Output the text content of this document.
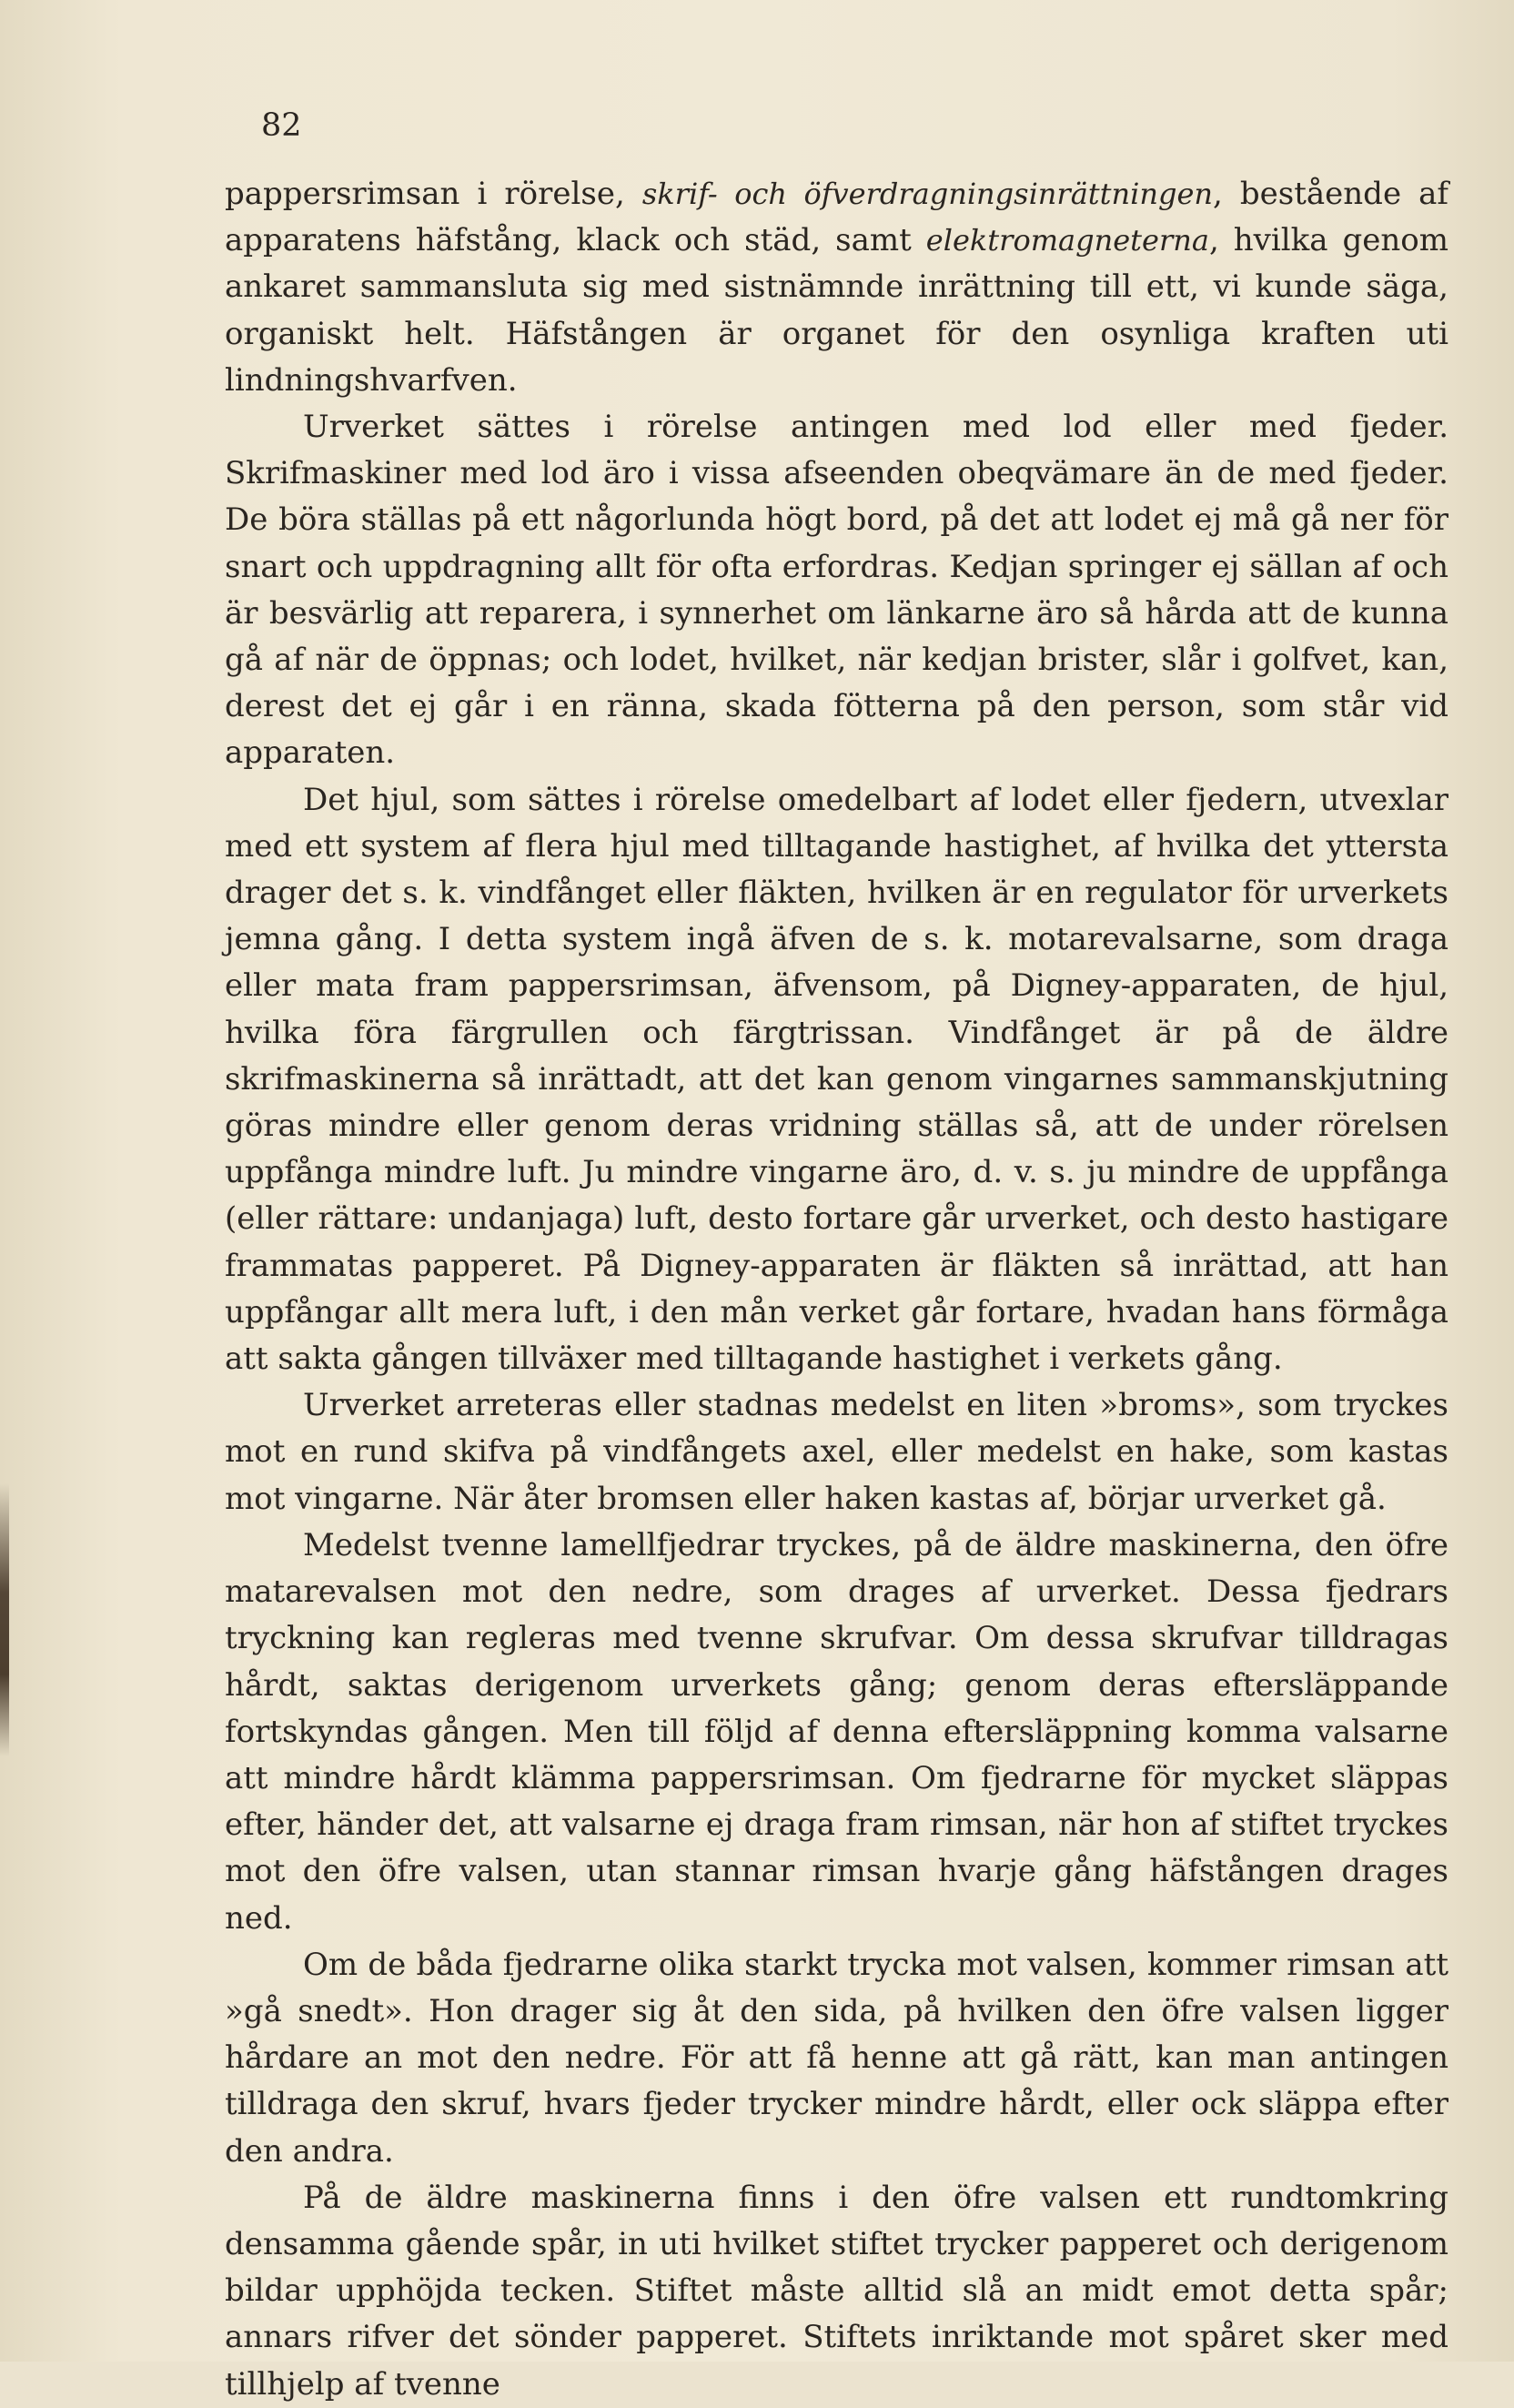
82

pappersrimsan i rörelse, skrif- och öfverdragningsinrättningen, bestående af apparatens häfstång, klack och städ, samt elektromagneterna, hvilka genom ankaret sammansluta sig med sistnämnde inrättning till ett, vi kunde säga, organiskt helt. Häfstången är organet för den osynliga kraften uti lindningshvarfven.

Urverket sättes i rörelse antingen med lod eller med fjeder. Skrifmaskiner med lod äro i vissa afseenden obeqvämare än de med fjeder. De böra ställas på ett någorlunda högt bord, på det att lodet ej må gå ner för snart och uppdragning allt för ofta erfordras. Kedjan springer ej sällan af och är besvärlig att reparera, i synnerhet om länkarne äro så hårda att de kunna gå af när de öppnas; och lodet, hvilket, när kedjan brister, slår i golfvet, kan, derest det ej går i en ränna, skada fötterna på den person, som står vid apparaten.

Det hjul, som sättes i rörelse omedelbart af lodet eller fjedern, utvexlar med ett system af flera hjul med tilltagande hastighet, af hvilka det yttersta drager det s. k. vindfånget eller fläkten, hvilken är en regulator för urverkets jemna gång. I detta system ingå äfven de s. k. motarevalsarne, som draga eller mata fram pappersrimsan, äfvensom, på Digney-apparaten, de hjul, hvilka föra färgrullen och färgtrissan. Vindfånget är på de äldre skrifmaskinerna så inrättadt, att det kan genom vingarnes sammanskjutning göras mindre eller genom deras vridning ställas så, att de under rörelsen uppfånga mindre luft. Ju mindre vingarne äro, d. v. s. ju mindre de uppfånga (eller rättare: undanjaga) luft, desto fortare går urverket, och desto hastigare frammatas papperet. På Digney-apparaten är fläkten så inrättad, att han uppfångar allt mera luft, i den mån verket går fortare, hvadan hans förmåga att sakta gången tillväxer med tilltagande hastighet i verkets gång.

Urverket arreteras eller stadnas medelst en liten »broms», som tryckes mot en rund skifva på vindfångets axel, eller medelst en hake, som kastas mot vingarne. När åter bromsen eller haken kastas af, börjar urverket gå.

Medelst tvenne lamellfjedrar tryckes, på de äldre maskinerna, den öfre matarevalsen mot den nedre, som drages af urverket. Dessa fjedrars tryckning kan regleras med tvenne skrufvar. Om dessa skrufvar tilldragas hårdt, saktas derigenom urverkets gång; genom deras eftersläppande fortskyndas gången. Men till följd af denna eftersläppning komma valsarne att mindre hårdt klämma pappersrimsan. Om fjedrarne för mycket släppas efter, händer det, att valsarne ej draga fram rimsan, när hon af stiftet tryckes mot den öfre valsen, utan stannar rimsan hvarje gång häfstången drages ned.

Om de båda fjedrarne olika starkt trycka mot valsen, kommer rimsan att »gå snedt». Hon drager sig åt den sida, på hvilken den öfre valsen ligger hårdare an mot den nedre. För att få henne att gå rätt, kan man antingen tilldraga den skruf, hvars fjeder trycker mindre hårdt, eller ock släppa efter den andra.

På de äldre maskinerna finns i den öfre valsen ett rundtomkring densamma gående spår, in uti hvilket stiftet trycker papperet och derigenom bildar upphöjda tecken. Stiftet måste alltid slå an midt emot detta spår; annars rifver det sönder papperet. Stiftets inriktande mot spåret sker med tillhjelp af tvenne
